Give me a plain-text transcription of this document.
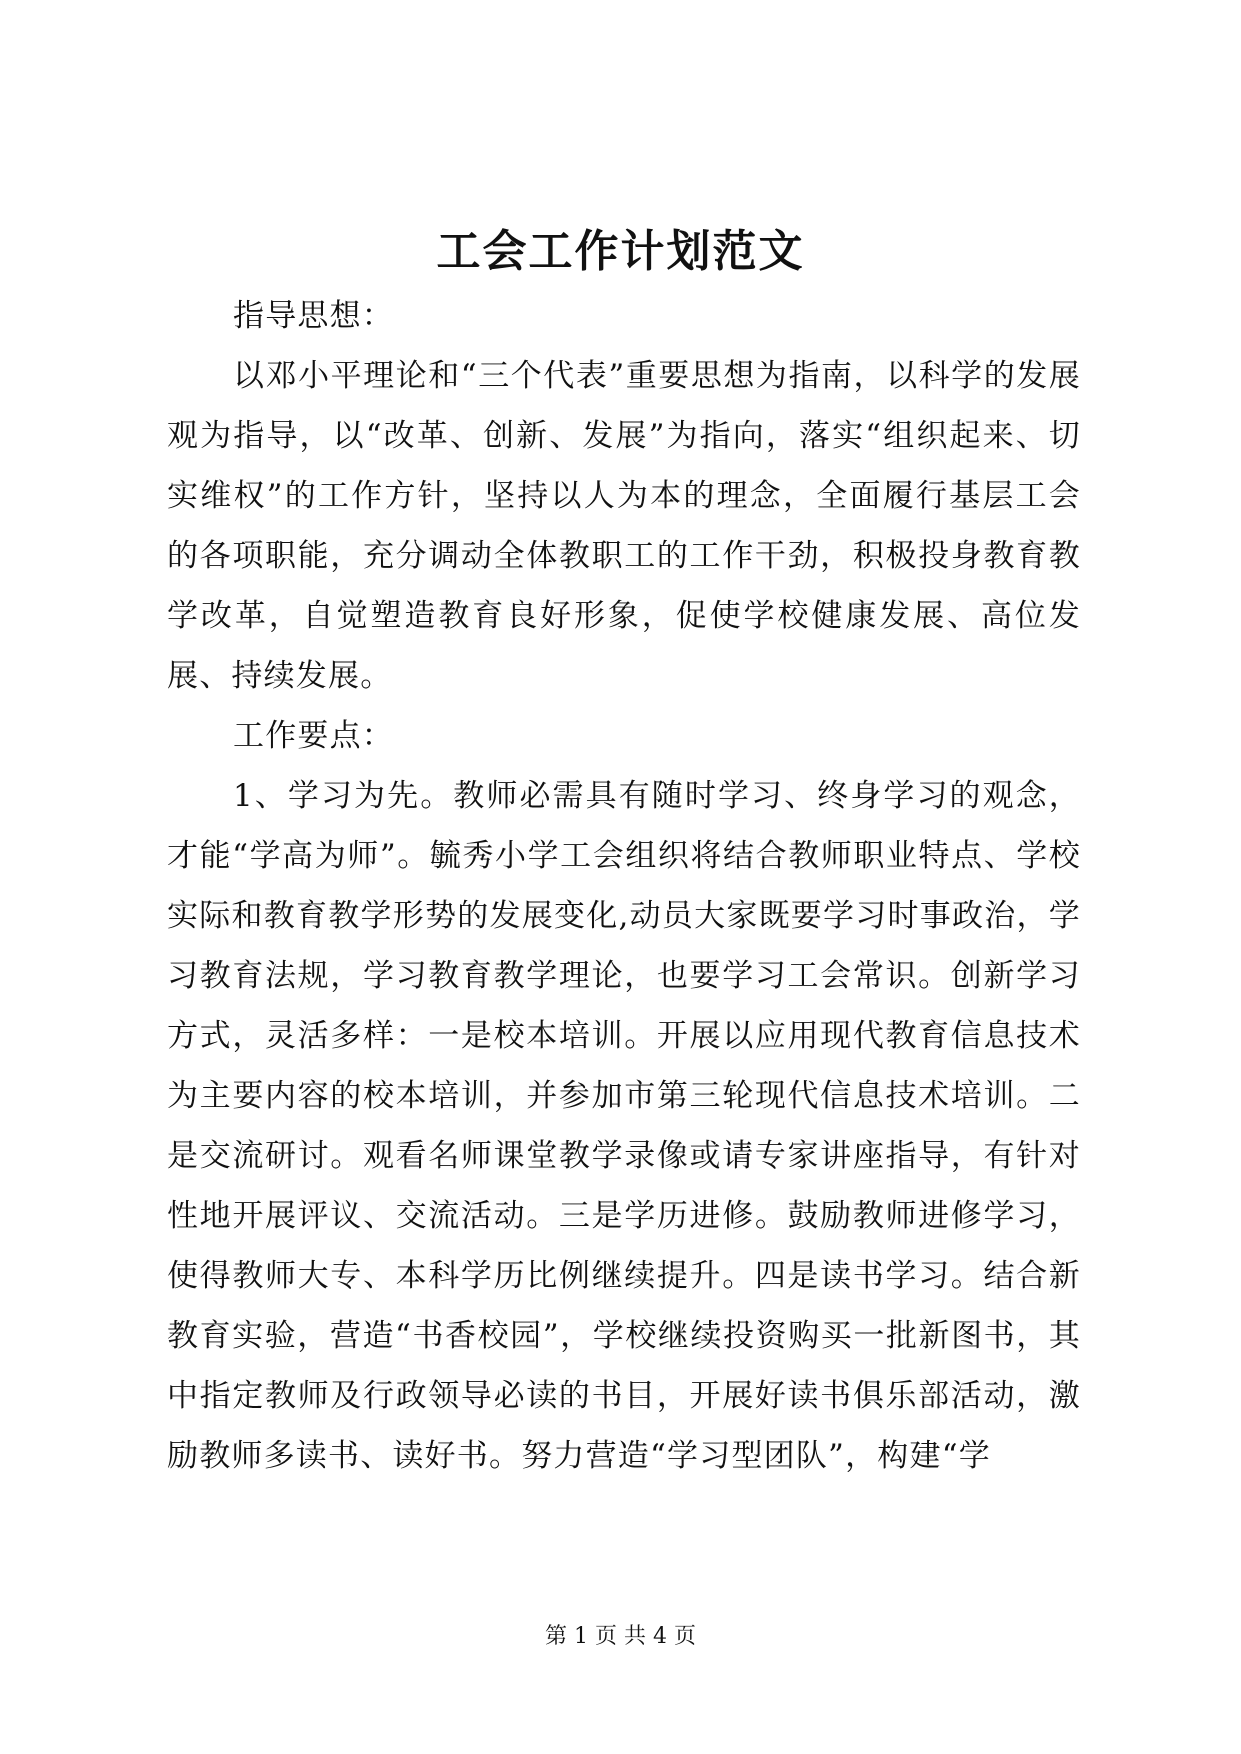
工会工作计划范文

指导思想：

以邓小平理论和“三个代表”重要思想为指南，以科学的发展观为指导，以“改革、创新、发展”为指向，落实“组织起来、切实维权”的工作方针，坚持以人为本的理念，全面履行基层工会的各项职能，充分调动全体教职工的工作干劲，积极投身教育教学改革，自觉塑造教育良好形象，促使学校健康发展、高位发展、持续发展。

工作要点：

1、学习为先。教师必需具有随时学习、终身学习的观念，才能“学高为师”。毓秀小学工会组织将结合教师职业特点、学校实际和教育教学形势的发展变化,动员大家既要学习时事政治，学习教育法规，学习教育教学理论，也要学习工会常识。创新学习方式，灵活多样：一是校本培训。开展以应用现代教育信息技术为主要内容的校本培训，并参加市第三轮现代信息技术培训。二是交流研讨。观看名师课堂教学录像或请专家讲座指导，有针对性地开展评议、交流活动。三是学历进修。鼓励教师进修学习，使得教师大专、本科学历比例继续提升。四是读书学习。结合新教育实验，营造“书香校园”，学校继续投资购买一批新图书，其中指定教师及行政领导必读的书目，开展好读书俱乐部活动，激励教师多读书、读好书。努力营造“学习型团队”，构建“学

第 1 页 共 4 页
